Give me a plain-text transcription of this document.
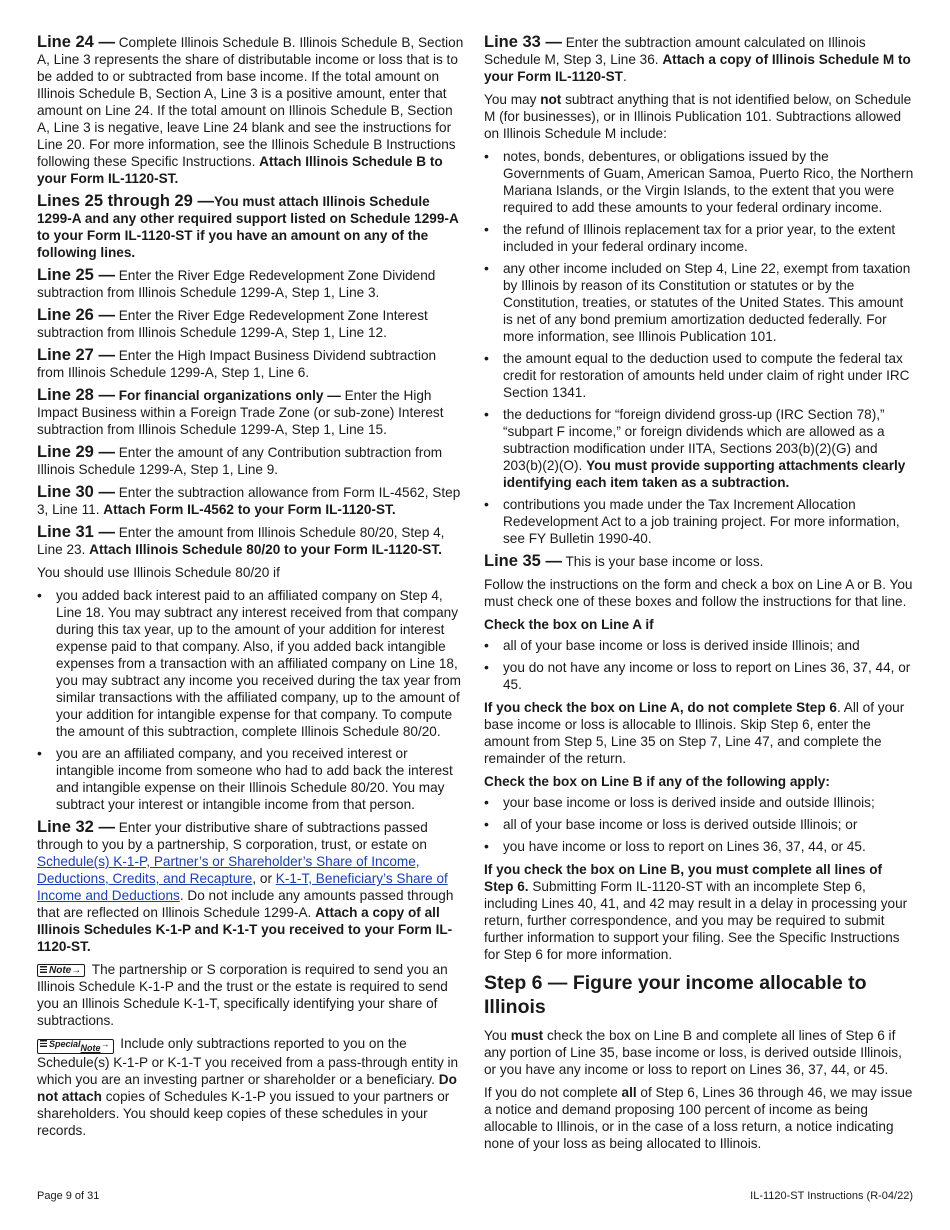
Line 24 — Complete Illinois Schedule B. Illinois Schedule B, Section A, Line 3 represents the share of distributable income or loss that is to be added to or subtracted from base income. If the total amount on Illinois Schedule B, Section A, Line 3 is a positive amount, enter that amount on Line 24. If the total amount on Illinois Schedule B, Section A, Line 3 is negative, leave Line 24 blank and see the instructions for Line 20. For more information, see the Illinois Schedule B Instructions following these Specific Instructions. Attach Illinois Schedule B to your Form IL-1120-ST.

Lines 25 through 29 —You must attach Illinois Schedule 1299-A and any other required support listed on Schedule 1299-A to your Form IL-1120-ST if you have an amount on any of the following lines.

Line 25 — Enter the River Edge Redevelopment Zone Dividend subtraction from Illinois Schedule 1299-A, Step 1, Line 3.

Line 26 — Enter the River Edge Redevelopment Zone Interest subtraction from Illinois Schedule 1299-A, Step 1, Line 12.

Line 27 — Enter the High Impact Business Dividend subtraction from Illinois Schedule 1299-A, Step 1, Line 6.

Line 28 — For financial organizations only — Enter the High Impact Business within a Foreign Trade Zone (or sub-zone) Interest subtraction from Illinois Schedule 1299-A, Step 1, Line 15.

Line 29 — Enter the amount of any Contribution subtraction from Illinois Schedule 1299-A, Step 1, Line 9.

Line 30 — Enter the subtraction allowance from Form IL-4562, Step 3, Line 11. Attach Form IL-4562 to your Form IL-1120-ST.

Line 31 — Enter the amount from Illinois Schedule 80/20, Step 4, Line 23. Attach Illinois Schedule 80/20 to your Form IL-1120-ST.

You should use Illinois Schedule 80/20 if

• you added back interest paid to an affiliated company on Step 4, Line 18. You may subtract any interest received from that company during this tax year, up to the amount of your addition for interest expense paid to that company. Also, if you added back intangible expenses from a transaction with an affiliated company on Line 18, you may subtract any income you received during the tax year from similar transactions with the affiliated company, up to the amount of your addition for intangible expense for that company. To compute the amount of this subtraction, complete Illinois Schedule 80/20.
• you are an affiliated company, and you received interest or intangible income from someone who had to add back the interest and intangible expense on their Illinois Schedule 80/20. You may subtract your interest or intangible income from that person.

Line 32 — Enter your distributive share of subtractions passed through to you by a partnership, S corporation, trust, or estate on Schedule(s) K-1-P, Partner’s or Shareholder’s Share of Income, Deductions, Credits, and Recapture, or K-1-T, Beneficiary’s Share of Income and Deductions. Do not include any amounts passed through that are reflected on Illinois Schedule 1299-A. Attach a copy of all Illinois Schedules K-1-P and K-1-T you received to your Form IL-1120-ST.

Note→ The partnership or S corporation is required to send you an Illinois Schedule K-1-P and the trust or the estate is required to send you an Illinois Schedule K-1-T, specifically identifying your share of subtractions.

SpecialNote→ Include only subtractions reported to you on the Schedule(s) K-1-P or K-1-T you received from a pass-through entity in which you are an investing partner or shareholder or a beneficiary. Do not attach copies of Schedules K-1-P you issued to your partners or shareholders. You should keep copies of these schedules in your records.

Line 33 — Enter the subtraction amount calculated on Illinois Schedule M, Step 3, Line 36. Attach a copy of Illinois Schedule M to your Form IL-1120-ST.

You may not subtract anything that is not identified below, on Schedule M (for businesses), or in Illinois Publication 101. Subtractions allowed on Illinois Schedule M include:

• notes, bonds, debentures, or obligations issued by the Governments of Guam, American Samoa, Puerto Rico, the Northern Mariana Islands, or the Virgin Islands, to the extent that you were required to add these amounts to your federal ordinary income.
• the refund of Illinois replacement tax for a prior year, to the extent included in your federal ordinary income.
• any other income included on Step 4, Line 22, exempt from taxation by Illinois by reason of its Constitution or statutes or by the Constitution, treaties, or statutes of the United States. This amount is net of any bond premium amortization deducted federally. For more information, see Illinois Publication 101.
• the amount equal to the deduction used to compute the federal tax credit for restoration of amounts held under claim of right under IRC Section 1341.
• the deductions for “foreign dividend gross-up (IRC Section 78),” “subpart F income,” or foreign dividends which are allowed as a subtraction modification under IITA, Sections 203(b)(2)(G) and 203(b)(2)(O). You must provide supporting attachments clearly identifying each item taken as a subtraction.
• contributions you made under the Tax Increment Allocation Redevelopment Act to a job training project. For more information, see FY Bulletin 1990-40.

Line 35 — This is your base income or loss.

Follow the instructions on the form and check a box on Line A or B. You must check one of these boxes and follow the instructions for that line.

Check the box on Line A if

• all of your base income or loss is derived inside Illinois; and
• you do not have any income or loss to report on Lines 36, 37, 44, or 45.

If you check the box on Line A, do not complete Step 6. All of your base income or loss is allocable to Illinois. Skip Step 6, enter the amount from Step 5, Line 35 on Step 7, Line 47, and complete the remainder of the return.

Check the box on Line B if any of the following apply:

• your base income or loss is derived inside and outside Illinois;
• all of your base income or loss is derived outside Illinois; or
• you have income or loss to report on Lines 36, 37, 44, or 45.

If you check the box on Line B, you must complete all lines of Step 6. Submitting Form IL-1120-ST with an incomplete Step 6, including Lines 40, 41, and 42 may result in a delay in processing your return, further correspondence, and you may be required to submit further information to support your filing. See the Specific Instructions for Step 6 for more information.

Step 6 — Figure your income allocable to Illinois

You must check the box on Line B and complete all lines of Step 6 if any portion of Line 35, base income or loss, is derived outside Illinois, or you have any income or loss to report on Lines 36, 37, 44, or 45.

If you do not complete all of Step 6, Lines 36 through 46, we may issue a notice and demand proposing 100 percent of income as being allocable to Illinois, or in the case of a loss return, a notice indicating none of your loss as being allocated to Illinois.

Page 9 of 31	IL-1120-ST Instructions (R-04/22)
